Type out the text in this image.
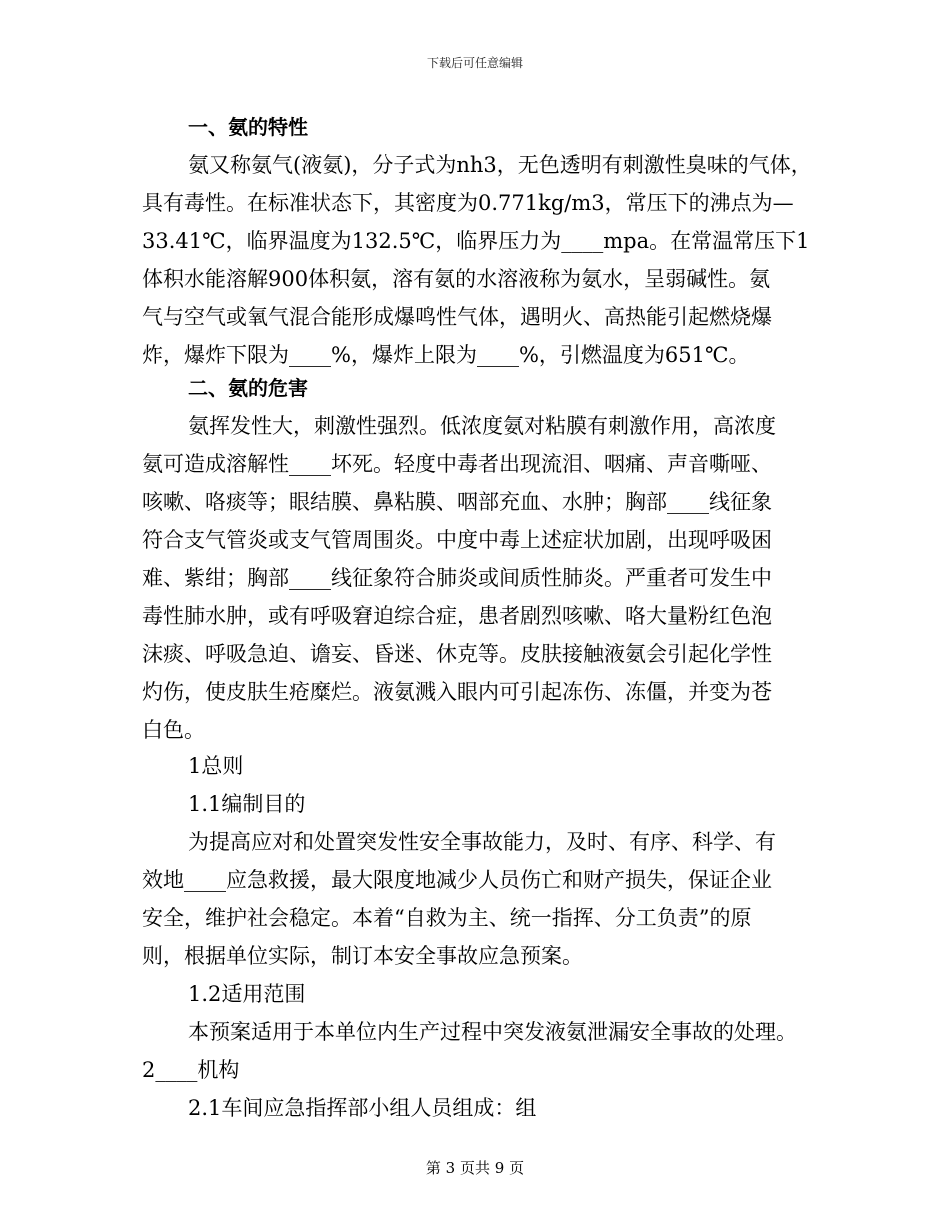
下载后可任意编辑
一、氨的特性
氨又称氨气(液氨)，分子式为nh3，无色透明有刺激性臭味的气体，
具有毒性。在标准状态下，其密度为0.771kg/m3，常压下的沸点为—
33.41℃，临界温度为132.5℃，临界压力为____mpa。在常温常压下1
体积水能溶解900体积氨，溶有氨的水溶液称为氨水，呈弱碱性。氨
气与空气或氧气混合能形成爆鸣性气体，遇明火、高热能引起燃烧爆
炸，爆炸下限为____%，爆炸上限为____%，引燃温度为651℃。
二、氨的危害
氨挥发性大，刺激性强烈。低浓度氨对粘膜有刺激作用，高浓度
氨可造成溶解性____坏死。轻度中毒者出现流泪、咽痛、声音嘶哑、
咳嗽、咯痰等；眼结膜、鼻粘膜、咽部充血、水肿；胸部____线征象
符合支气管炎或支气管周围炎。中度中毒上述症状加剧，出现呼吸困
难、紫绀；胸部____线征象符合肺炎或间质性肺炎。严重者可发生中
毒性肺水肿，或有呼吸窘迫综合症，患者剧烈咳嗽、咯大量粉红色泡
沫痰、呼吸急迫、谵妄、昏迷、休克等。皮肤接触液氨会引起化学性
灼伤，使皮肤生疮糜烂。液氨溅入眼内可引起冻伤、冻僵，并变为苍
白色。
1总则
1.1编制目的
为提高应对和处置突发性安全事故能力，及时、有序、科学、有
效地____应急救援，最大限度地减少人员伤亡和财产损失，保证企业
安全，维护社会稳定。本着“自救为主、统一指挥、分工负责”的原
则，根据单位实际，制订本安全事故应急预案。
1.2适用范围
本预案适用于本单位内生产过程中突发液氨泄漏安全事故的处理。
2____机构
2.1车间应急指挥部小组人员组成：组
第 3 页共 9 页
